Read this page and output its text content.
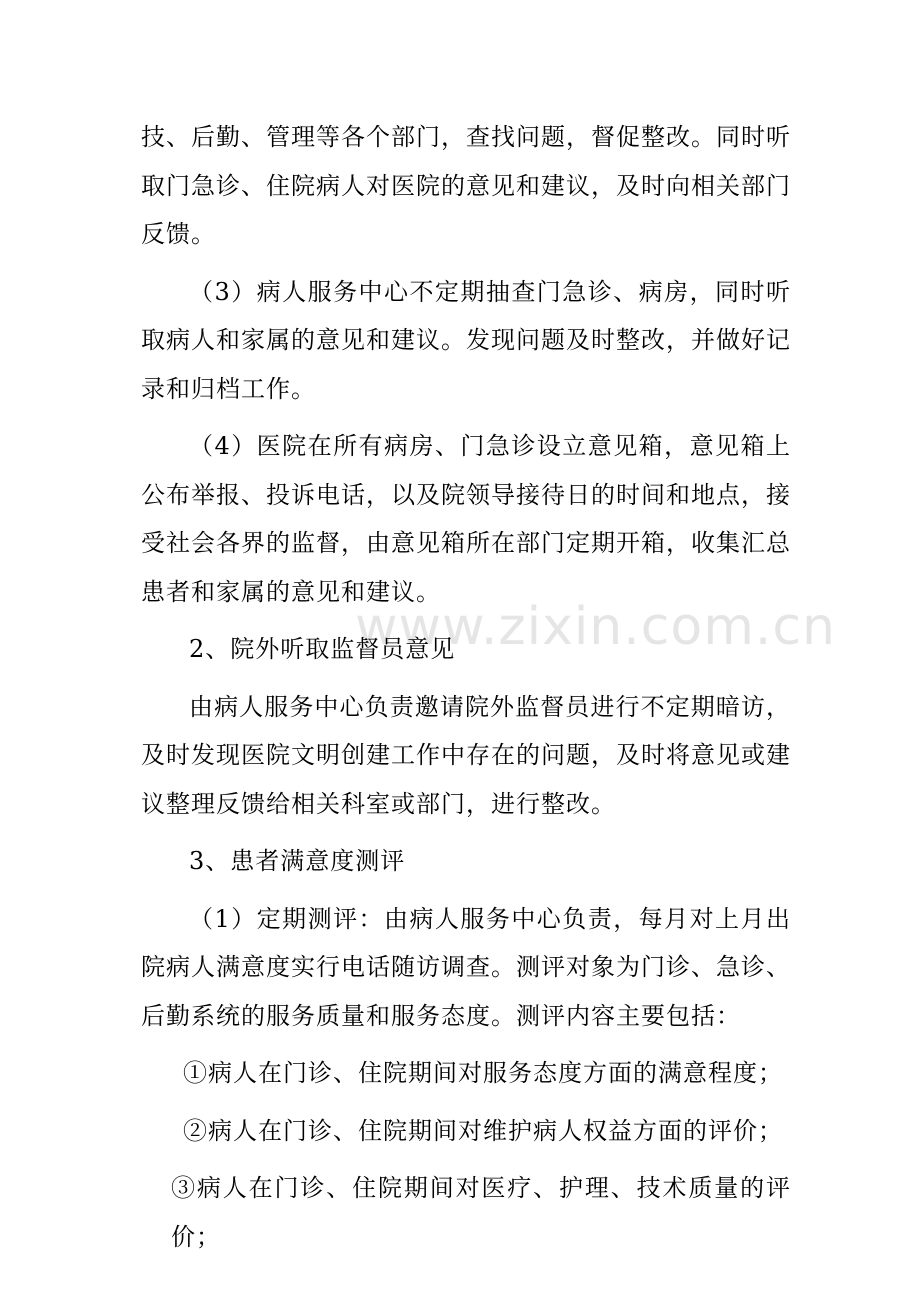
www.zixin.com.cn

技、后勤、管理等各个部门，查找问题，督促整改。同时听取门急诊、住院病人对医院的意见和建议，及时向相关部门反馈。

（3）病人服务中心不定期抽查门急诊、病房，同时听取病人和家属的意见和建议。发现问题及时整改，并做好记录和归档工作。

（4）医院在所有病房、门急诊设立意见箱，意见箱上公布举报、投诉电话，以及院领导接待日的时间和地点，接受社会各界的监督，由意见箱所在部门定期开箱，收集汇总患者和家属的意见和建议。

2、院外听取监督员意见

由病人服务中心负责邀请院外监督员进行不定期暗访，及时发现医院文明创建工作中存在的问题，及时将意见或建议整理反馈给相关科室或部门，进行整改。

3、患者满意度测评

（1）定期测评：由病人服务中心负责，每月对上月出院病人满意度实行电话随访调查。测评对象为门诊、急诊、后勤系统的服务质量和服务态度。测评内容主要包括：

①病人在门诊、住院期间对服务态度方面的满意程度；

②病人在门诊、住院期间对维护病人权益方面的评价；

③病人在门诊、住院期间对医疗、护理、技术质量的评价；
